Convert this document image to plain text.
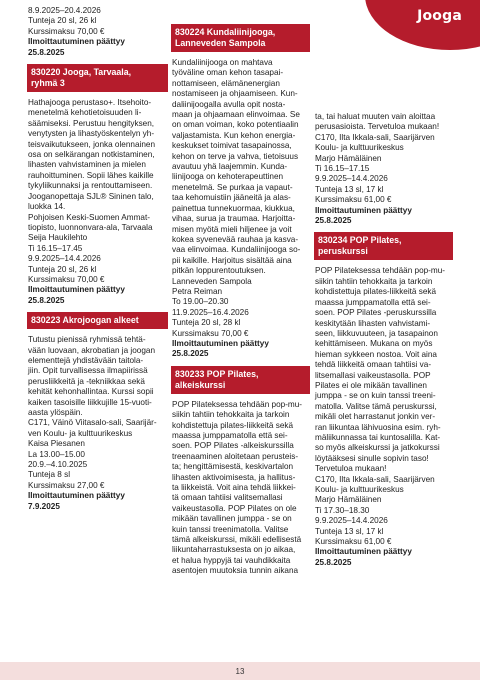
Jooga
8.9.2025–20.4.2026
Tunteja 20 sl, 26 kl
Kurssimaksu 70,00 €
Ilmoittautuminen päättyy
25.8.2025
830220 Jooga, Tarvaala,
ryhmä 3
Hathajooga perustaso+. Itsehoito-
menetelmä kehotietoisuuden li-
säämiseksi. Perustuu hengityksen,
venytysten ja lihastyöskentelyn yh-
teisvaikutukseen, jonka olennainen
osa on selkärangan notkistaminen,
lihasten vahvistaminen ja mielen
rauhoittuminen. Sopii lähes kaikille
tykyliikunnaksi ja rentouttamiseen.
Jooganopettaja SJL® Sininen talo,
luokka 14.
Pohjoisen Keski-Suomen Ammat-
tiopisto, luonnonvara-ala, Tarvaala
Seija Haukilehto
Ti 16.15–17.45
9.9.2025–14.4.2026
Tunteja 20 sl, 26 kl
Kurssimaksu 70,00 €
Ilmoittautuminen päättyy
25.8.2025
830223 Akrojoogan alkeet
Tutustu pienissä ryhmissä tehtä-
vään luovaan, akrobatian ja joogan
elementtejä yhdistävään taitola-
jiin. Opit turvallisessa ilmapiirissä
perusliikkeitä ja -tekniikkaa sekä
kehität kehonhallintaa. Kurssi sopii
kaiken tasoisille liikkujille 15-vuoti-
aasta ylöspäin.
C171, Väinö Viitasalo-sali, Saarijär-
ven Koulu- ja kulttuurikeskus
Kaisa Piesanen
La 13.00–15.00
20.9.–4.10.2025
Tunteja 8 sl
Kurssimaksu 27,00 €
Ilmoittautuminen päättyy
7.9.2025
830224 Kundaliinijooga,
Lanneveden Sampola
Kundaliinijooga on mahtava
työväline oman kehon tasapai-
nottamiseen, elämänenergian
nostamiseen ja ohjaamiseen. Kun-
daliinijoogalla avulla opit nosta-
maan ja ohjaamaan elinvoimaa. Se
on oman voiman, koko potentiaalin
valjastamista. Kun kehon energia-
keskukset toimivat tasapainossa,
kehon on terve ja vahva, tietoisuus
avautuu yhä laajemmin. Kunda-
liinijooga on kehoterapeuttinen
menetelmä. Se purkaa ja vapaut-
taa kehomuistiin jääneitä ja alas-
painettua tunnekuormaa, kiukkua,
vihaa, surua ja traumaa. Harjoitta-
misen myötä mieli hiljenee ja voit
kokea syvenevää rauhaa ja kasva-
vaa elinvoimaa. Kundaliinijooga so-
pii kaikille. Harjoitus sisältää aina
pitkän loppurentoutuksen.
Lanneveden Sampola
Petra Reiman
To 19.00–20.30
11.9.2025–16.4.2026
Tunteja 20 sl, 28 kl
Kurssimaksu 70,00 €
Ilmoittautuminen päättyy
25.8.2025
830233 POP Pilates,
alkeiskurssi
POP Pilateksessa tehdään pop-mu-
siikin tahtiin tehokkaita ja tarkoin
kohdistettuja pilates-liikkeitä sekä
maassa jumppamatolla että sei-
soen. POP Pilates -alkeiskurssilla
treenaaminen aloitetaan perusteis-
ta; hengittämisestä, keskivartalon
lihasten aktivoimisesta, ja hallitus-
ta liikkeistä. Voit aina tehdä liikkei-
tä omaan tahtiisi valitsemallasi
vaikeustasolla. POP Pilates on ole
mikään tavallinen jumppa - se on
kuin tanssi treenimatolla. Valitse
tämä alkeiskurssi, mikäli edellisestä
liikuntaharrastuksesta on jo aikaa,
et halua hyppyjä tai vauhdikkaita
asentojen muutoksia tunnin aikana
ta, tai haluat muuten vain aloittaa
perusasioista. Tervetuloa mukaan!
C170, Ilta Ikkala-sali, Saarijärven
Koulu- ja kulttuurikeskus
Marjo Hämäläinen
Ti 16.15–17.15
9.9.2025–14.4.2026
Tunteja 13 sl, 17 kl
Kurssimaksu 61,00 €
Ilmoittautuminen päättyy
25.8.2025
830234 POP Pilates,
peruskurssi
POP Pilateksessa tehdään pop-mu-
siikin tahtiin tehokkaita ja tarkoin
kohdistettuja pilates-liikkeitä sekä
maassa jumppamatolla että sei-
soen. POP Pilates -peruskurssilla
keskitytään lihasten vahvistami-
seen, liikkuvuuteen, ja tasapainon
kehittämiseen. Mukana on myös
hieman sykkeen nostoa. Voit aina
tehdä liikkeitä omaan tahtiisi va-
litsemallasi vaikeustasolla. POP
Pilates ei ole mikään tavallinen
jumppa - se on kuin tanssi treeni-
matolla. Valitse tämä peruskurssi,
mikäli olet harrastanut jonkin ver-
ran liikuntaa lähivuosina esim. ryh-
mäliikunnassa tai kuntosalilla. Kat-
so myös alkeiskurssi ja jatkokurssi
löytääksesi sinulle sopivin taso!
Tervetuloa mukaan!
C170, Ilta Ikkala-sali, Saarijärven
Koulu- ja kulttuurikeskus
Marjo Hämäläinen
Ti 17.30–18.30
9.9.2025–14.4.2026
Tunteja 13 sl, 17 kl
Kurssimaksu 61,00 €
Ilmoittautuminen päättyy
25.8.2025
13
